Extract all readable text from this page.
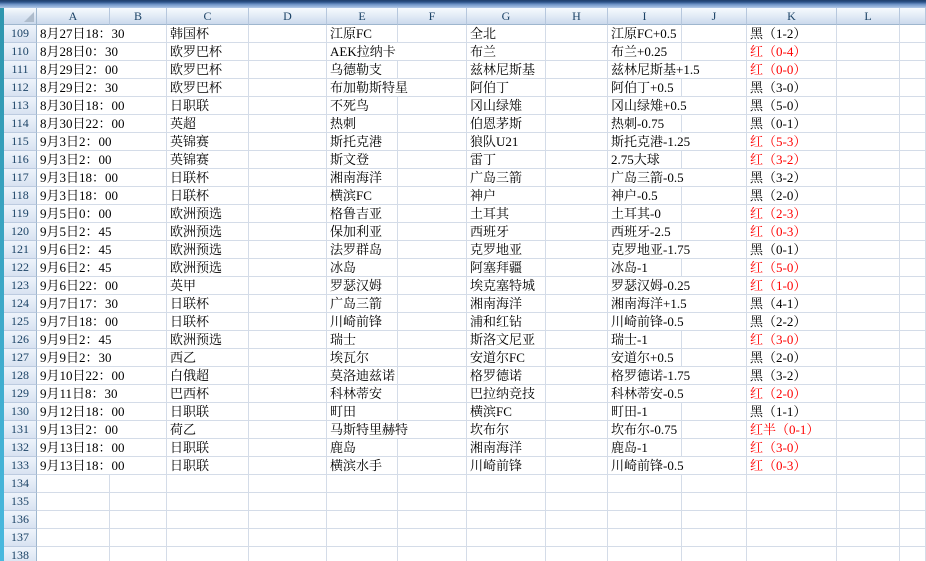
A	B	C	D	E	F	G	H	I	J	K	L
109 8月27日18：30	韩国杯	江原FC	全北	江原FC+0.5	黑（1-2）
110 8月28日0：30	欧罗巴杯	AEK拉纳卡	布兰	布兰+0.25	红（0-4）
111 8月29日2：00	欧罗巴杯	乌德勒支	兹林尼斯基	兹林尼斯基+1.5	红（0-0）
112 8月29日2：30	欧罗巴杯	布加勒斯特星	阿伯丁	阿伯丁+0.5	黑（3-0）
113 8月30日18：00	日职联	不死鸟	冈山绿雉	冈山绿雉+0.5	黑（5-0）
114 8月30日22：00	英超	热刺	伯恩茅斯	热刺-0.75	黑（0-1）
115 9月3日2：00	英锦赛	斯托克港	狼队U21	斯托克港-1.25	红（5-3）
116 9月3日2：00	英锦赛	斯文登	雷丁	2.75大球	红（3-2）
117 9月3日18：00	日联杯	湘南海洋	广岛三箭	广岛三箭-0.5	黑（3-2）
118 9月3日18：00	日联杯	横滨FC	神户	神户-0.5	黑（2-0）
119 9月5日0：00	欧洲预选	格鲁吉亚	土耳其	土耳其-0	红（2-3）
120 9月5日2：45	欧洲预选	保加利亚	西班牙	西班牙-2.5	红（0-3）
121 9月6日2：45	欧洲预选	法罗群岛	克罗地亚	克罗地亚-1.75	黑（0-1）
122 9月6日2：45	欧洲预选	冰岛	阿塞拜疆	冰岛-1	红（5-0）
123 9月6日22：00	英甲	罗瑟汉姆	埃克塞特城	罗瑟汉姆-0.25	红（1-0）
124 9月7日17：30	日联杯	广岛三箭	湘南海洋	湘南海洋+1.5	黑（4-1）
125 9月7日18：00	日联杯	川崎前锋	浦和红钻	川崎前锋-0.5	黑（2-2）
126 9月9日2：45	欧洲预选	瑞士	斯洛文尼亚	瑞士-1	红（3-0）
127 9月9日2：30	西乙	埃瓦尔	安道尔FC	安道尔+0.5	黑（2-0）
128 9月10日22：00	白俄超	莫洛迪兹诺	格罗德诺	格罗德诺-1.75	黑（3-2）
129 9月11日8：30	巴西杯	科林蒂安	巴拉纳竞技	科林蒂安-0.5	红（2-0）
130 9月12日18：00	日职联	町田	横滨FC	町田-1	黑（1-1）
131 9月13日2：00	荷乙	马斯特里赫特	坎布尔	坎布尔-0.75	红半（0-1）
132 9月13日18：00	日职联	鹿岛	湘南海洋	鹿岛-1	红（3-0）
133 9月13日18：00	日职联	横滨水手	川崎前锋	川崎前锋-0.5	红（0-3）
134
135
136
137
138
